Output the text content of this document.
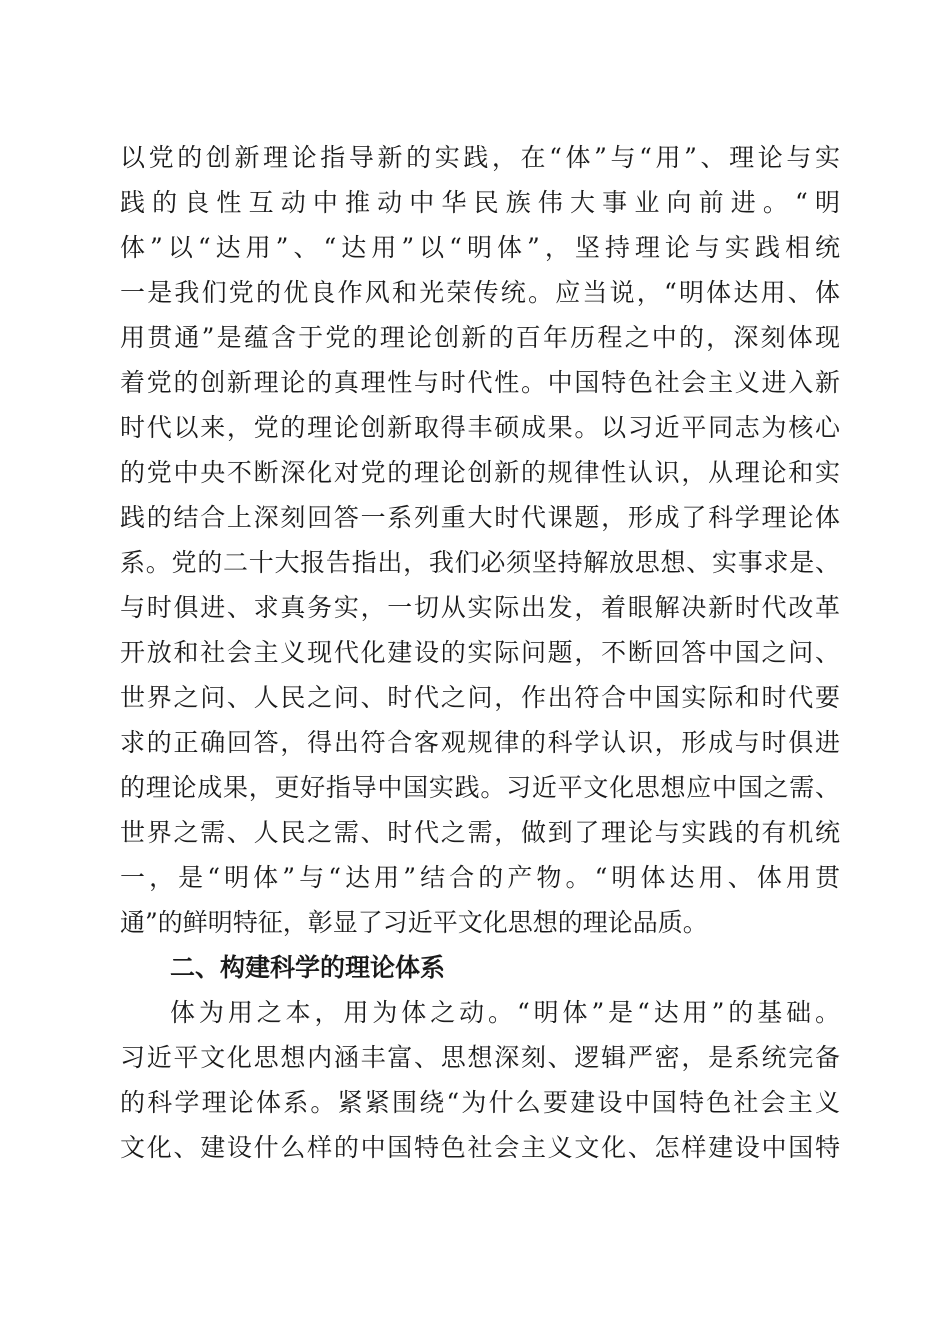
以党的创新理论指导新的实践，在“体”与“用”、理论与实
践的良性互动中推动中华民族伟大事业向前进。“明
体”以“达用”、“达用”以“明体”，坚持理论与实践相统
一是我们党的优良作风和光荣传统。应当说，“明体达用、体
用贯通”是蕴含于党的理论创新的百年历程之中的，深刻体现
着党的创新理论的真理性与时代性。中国特色社会主义进入新
时代以来，党的理论创新取得丰硕成果。以习近平同志为核心
的党中央不断深化对党的理论创新的规律性认识，从理论和实
践的结合上深刻回答一系列重大时代课题，形成了科学理论体
系。党的二十大报告指出，我们必须坚持解放思想、实事求是、
与时俱进、求真务实，一切从实际出发，着眼解决新时代改革
开放和社会主义现代化建设的实际问题，不断回答中国之问、
世界之问、人民之问、时代之问，作出符合中国实际和时代要
求的正确回答，得出符合客观规律的科学认识，形成与时俱进
的理论成果，更好指导中国实践。习近平文化思想应中国之需、
世界之需、人民之需、时代之需，做到了理论与实践的有机统
一，是“明体”与“达用”结合的产物。“明体达用、体用贯
通”的鲜明特征，彰显了习近平文化思想的理论品质。
二、构建科学的理论体系
体为用之本，用为体之动。“明体”是“达用”的基础。
习近平文化思想内涵丰富、思想深刻、逻辑严密，是系统完备
的科学理论体系。紧紧围绕“为什么要建设中国特色社会主义
文化、建设什么样的中国特色社会主义文化、怎样建设中国特
